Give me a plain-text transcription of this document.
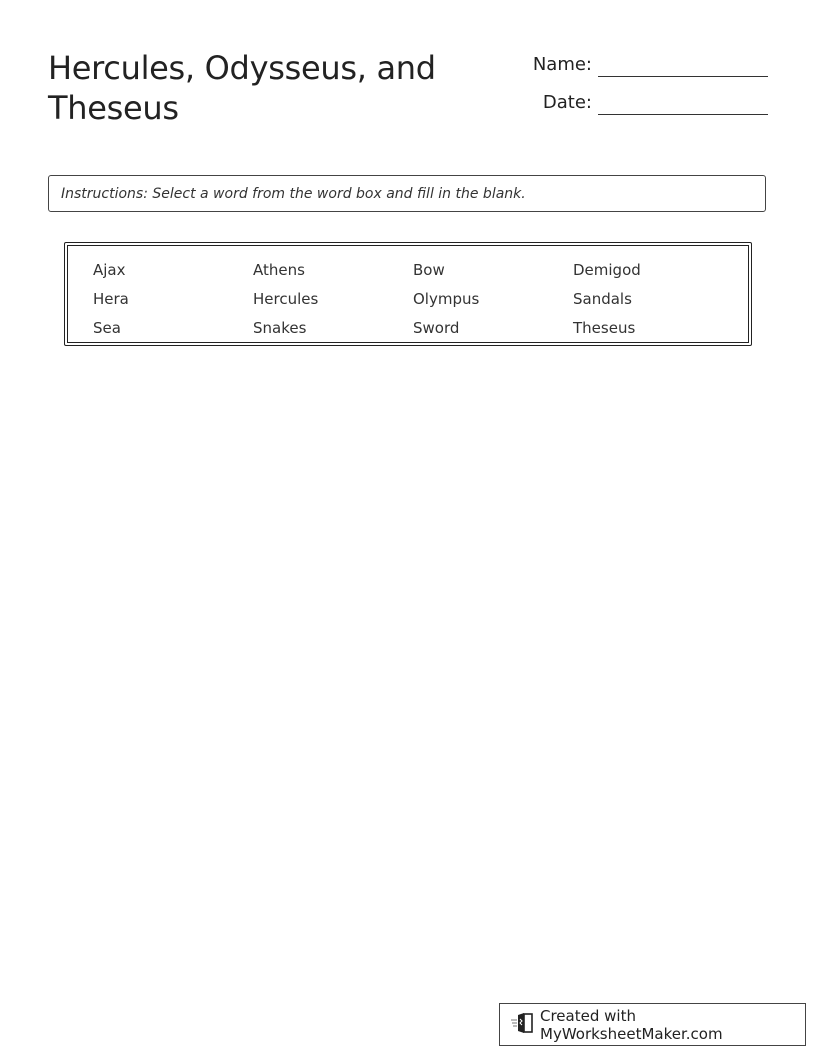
Hercules, Odysseus, and Theseus
Name:
Date:
Instructions: Select a word from the word box and fill in the blank.
Ajax	Athens	Bow	Demigod
Hera	Hercules	Olympus	Sandals
Sea	Snakes	Sword	Theseus
Created with MyWorksheetMaker.com
